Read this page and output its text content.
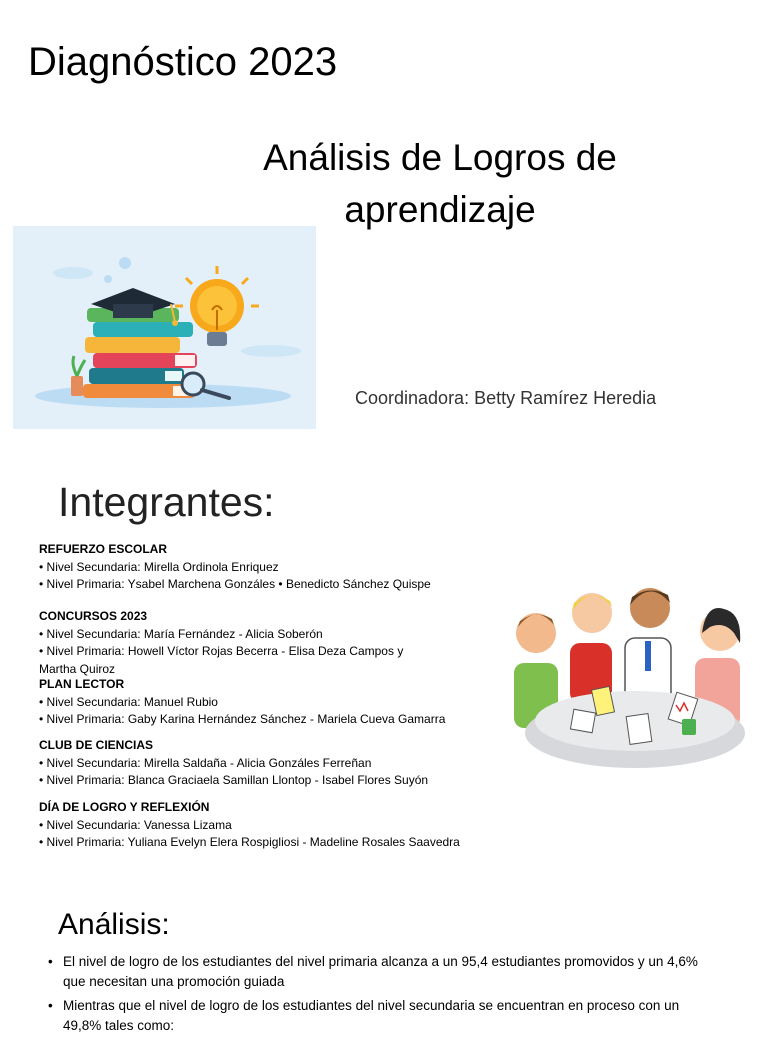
Diagnóstico 2023
Análisis de Logros de aprendizaje
Coordinadora: Betty Ramírez Heredia
Integrantes:
REFUERZO ESCOLAR
• Nivel Secundaria: Mirella Ordinola Enriquez
• Nivel Primaria: Ysabel Marchena Gonzáles • Benedicto Sánchez Quispe
CONCURSOS 2023
• Nivel Secundaria: María Fernández - Alicia Soberón
• Nivel Primaria: Howell Víctor Rojas Becerra - Elisa Deza Campos y Martha Quiroz
PLAN LECTOR
• Nivel Secundaria: Manuel Rubio
• Nivel Primaria: Gaby Karina Hernández Sánchez - Mariela Cueva Gamarra
CLUB DE CIENCIAS
• Nivel Secundaria: Mirella Saldaña - Alicia Gonzáles Ferreñan
• Nivel Primaria: Blanca Graciaela Samillan Llontop - Isabel Flores Suyón
DÍA DE LOGRO Y REFLEXIÓN
• Nivel Secundaria: Vanessa Lizama
• Nivel Primaria: Yuliana Evelyn Elera Rospigliosi - Madeline Rosales Saavedra
Análisis:
• El nivel de logro de los estudiantes del nivel primaria alcanza a un 95,4 estudiantes promovidos y un 4,6% que necesitan una promoción guiada
• Mientras que el nivel de logro de los estudiantes del nivel secundaria se encuentran en proceso con un 49,8% tales como:
